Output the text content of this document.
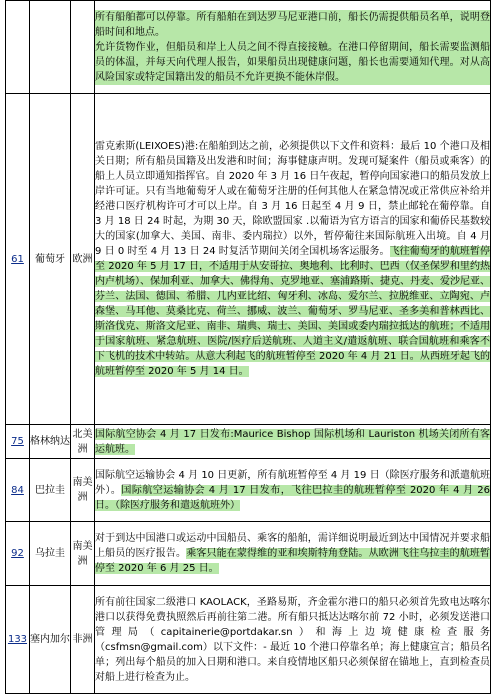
			所有船舶都可以停靠。所有船舶在到达罗马尼亚港口前，船长仍需提供船员名单，说明登船时间和地点。
允许货物作业，但船员和岸上人员之间不得直接接触。在港口停留期间，船长需要监测船员的体温，并每天向代理人报告，如果船员出现健康问题，船长也需要通知代理。对从高风险国家或特定国籍出发的船员不允许更换不能休岸假。

61	葡萄牙	欧洲	雷克索斯(LEIXOES)港:在船舶到达之前，必须提供以下文件和资料：最后 10 个港口及相关日期；所有船员国籍及出发港和时间；海事健康声明。发现可疑案件（船员或乘客）的船上人员立即通知指挥官。自 2020 年 3 月 16 日午夜起，暂停向国家港口的船员发放上岸许可证。只有当地葡萄牙人或在葡萄牙注册的任何其他人在紧急情况或正常供应补给并经港口医疗机构许可才可以上岸。自 3 月 16 日起至 4 月 9 日，禁止邮轮在葡停靠。自 3 月 18 日 24 时起，为期 30 天，除欧盟国家 .以葡语为官方语言的国家和葡侨民基数较大的国家(加拿大、美国、南非、委内瑞拉）以外，暂停葡往来国际航班入出境。自 4 月 9 日 0 时至 4 月 13 日 24 时复活节期间关闭全国机场客运服务。飞往葡萄牙的航班暂停至 2020 年 5 月 17 日，不适用于从安哥拉、奥地利、比利时、巴西（仅圣保罗和里约热内卢机场）、保加利亚、加拿大、佛得角、克罗地亚、塞浦路斯、捷克、丹麦、爱沙尼亚、芬兰、法国、德国、希腊、几内亚比绍、匈牙利、冰岛、爱尔兰、拉脱维亚、立陶宛、卢森堡、马耳他、莫桑比克、荷兰、挪威、波兰、葡萄牙、罗马尼亚、圣多美和普林西比、斯洛伐克、斯洛文尼亚、南非、瑞典、瑞士、美国、美国或委内瑞拉抵达的航班；不适用于国家航班、紧急航班、医院/医疗后送航班、人道主义/遣返航班、联合国航班和乘客不下飞机的技术中转站。从意大利起飞的航班暂停至 2020 年 4 月 21 日。从西班牙起飞的航班暂停至 2020 年 5 月 14 日。
75	格林纳达	北美洲	国际航空协会 4 月 17 日发布:Maurice Bishop 国际机场和 Lauriston 机场关闭所有客运航班。
84	巴拉圭	南美洲	国际航空运输协会 4 月 10 日更新，所有航班暂停至 4 月 19 日（除医疗服务和派遣航班外）。国际航空运输协会 4 月 17 日发布，飞往巴拉圭的航班暂停至 2020 年 4 月 26 日。（除医疗服务和遣返航班外）
92	乌拉圭	南美洲	对于到达中国港口或运动中国船员、乘客的船舶，需详细说明最近到达中国情况并要求船上船员的医疗报告。乘客只能在蒙得维的亚和埃斯特角登陆。从欧洲飞往乌拉圭的航班暂停至 2020 年 6 月 25 日。
133	塞内加尔	非洲	所有前往国家二级港口 KAOLACK，圣路易斯，齐金霍尔港口的船只必须首先致电达喀尔港口以获得免费执照然后再前往第二港。所有船只抵达达喀尔前 72 小时，必须发送港口管理局（capitainerie@portdakar.sn）和海上边境健康检查服务（csfmsn@gmail.com）以下文件：- 最近 10 个港口停靠名单；海上健康宣言；船员名单；列出每个船员的加入日期和港口。来自疫情地区船只必须保留在锚地上，直到检查员对船上进行检查为止。
